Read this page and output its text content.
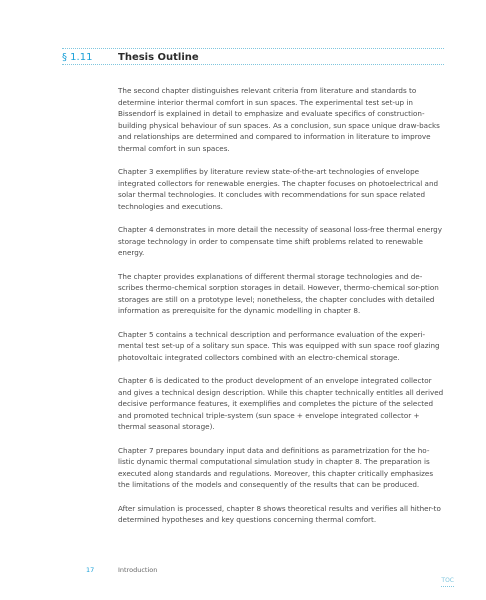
§ 1.11	Thesis Outline

The second chapter distinguishes relevant criteria from literature and standards to determine interior thermal comfort in sun spaces. The experimental test set-up in Bissendorf is explained in detail to emphasize and evaluate specifics of construction-building physical behaviour of sun spaces. As a conclusion, sun space unique draw-backs and relationships are determined and compared to information in literature to improve thermal comfort in sun spaces.

Chapter 3 exemplifies by literature review state-of-the-art technologies of envelope integrated collectors for renewable energies. The chapter focuses on photoelectrical and solar thermal technologies. It concludes with recommendations for sun space related technologies and executions.

Chapter 4 demonstrates in more detail the necessity of seasonal loss-free thermal energy storage technology in order to compensate time shift problems related to renewable energy.

The chapter provides explanations of different thermal storage technologies and de-scribes thermo-chemical sorption storages in detail. However, thermo-chemical sor-ption storages are still on a prototype level; nonetheless, the chapter concludes with detailed information as prerequisite for the dynamic modelling in chapter 8.

Chapter 5 contains a technical description and performance evaluation of the experi-mental test set-up of a solitary sun space. This was equipped with sun space roof glazing photovoltaic integrated collectors combined with an electro-chemical storage.

Chapter 6 is dedicated to the product development of an envelope integrated collector and gives a technical design description. While this chapter technically entitles all derived decisive performance features, it exemplifies and completes the picture of the selected and promoted technical triple-system (sun space + envelope integrated collector + thermal seasonal storage).

Chapter 7 prepares boundary input data and definitions as parametrization for the ho-listic dynamic thermal computational simulation study in chapter 8. The preparation is executed along standards and regulations. Moreover, this chapter critically emphasizes the limitations of the models and consequently of the results that can be produced.

After simulation is processed, chapter 8 shows theoretical results and verifies all hither-to determined hypotheses and key questions concerning thermal comfort.

17	Introduction
TOC
